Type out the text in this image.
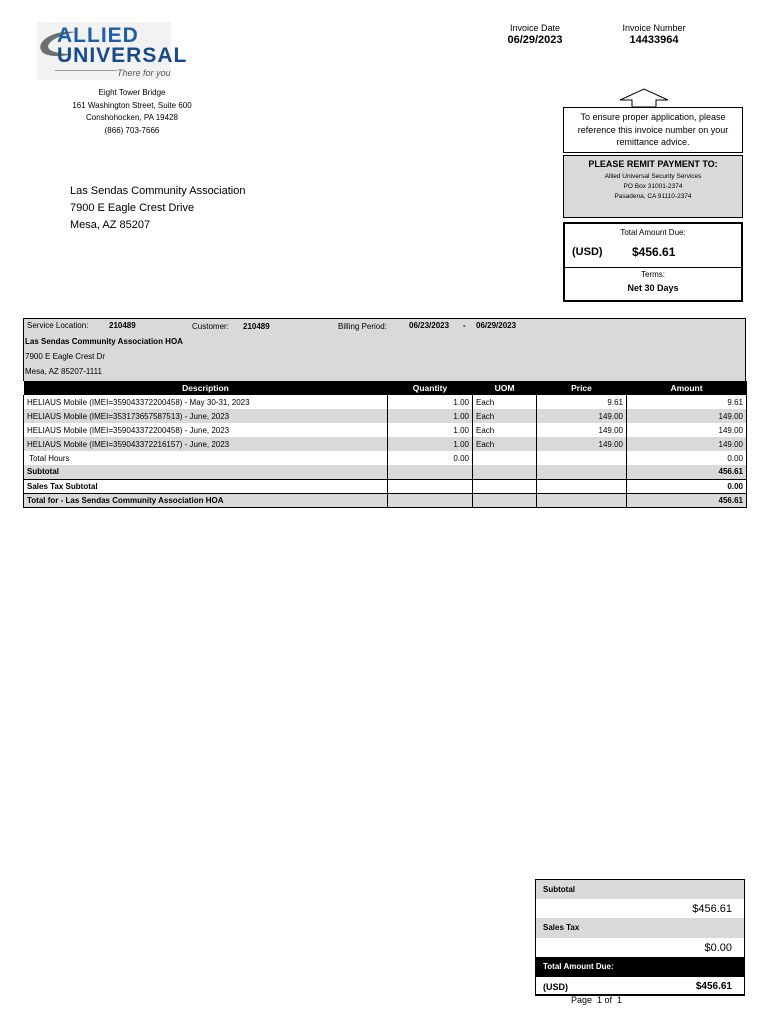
ALLIED
UNIVERSAL
There for you
Eight Tower Bridge
161 Washington Street, Suite 600
Conshohocken, PA 19428
(866) 703-7666
Las Sendas Community Association
7900 E Eagle Crest Drive
Mesa, AZ 85207
Invoice Date
06/29/2023
Invoice Number
14433964
To ensure proper application, please
reference this invoice number on your
remittance advice.
PLEASE REMIT PAYMENT TO:
Allied Universal Security Services
PO Box 31001-2374
Pasadena, CA 91110-2374
Total Amount Due:
(USD) $456.61
Terms:
Net 30 Days
Service Location:	210489	Customer: 210489	Billing Period:	06/23/2023 - 06/29/2023
Las Sendas Community Association HOA
7900 E Eagle Crest Dr
Mesa, AZ 85207-1111
Description	Quantity	UOM	Price	Amount
HELIAUS Mobile (IMEI=359043372200458) - May 30-31, 2023	1.00	Each	9.61	9.61
HELIAUS Mobile (IMEI=353173657587513) - June, 2023	1.00	Each	149.00	149.00
HELIAUS Mobile (IMEI=359043372200458) - June, 2023	1.00	Each	149.00	149.00
HELIAUS Mobile (IMEI=359043372216157) - June, 2023	1.00	Each	149.00	149.00
Total Hours	0.00			0.00
Subtotal				456.61
Sales Tax Subtotal				0.00
Total for - Las Sendas Community Association HOA				456.61
Subtotal
$456.61
Sales Tax
$0.00
Total Amount Due:
(USD)	$456.61
Page  1 of  1
